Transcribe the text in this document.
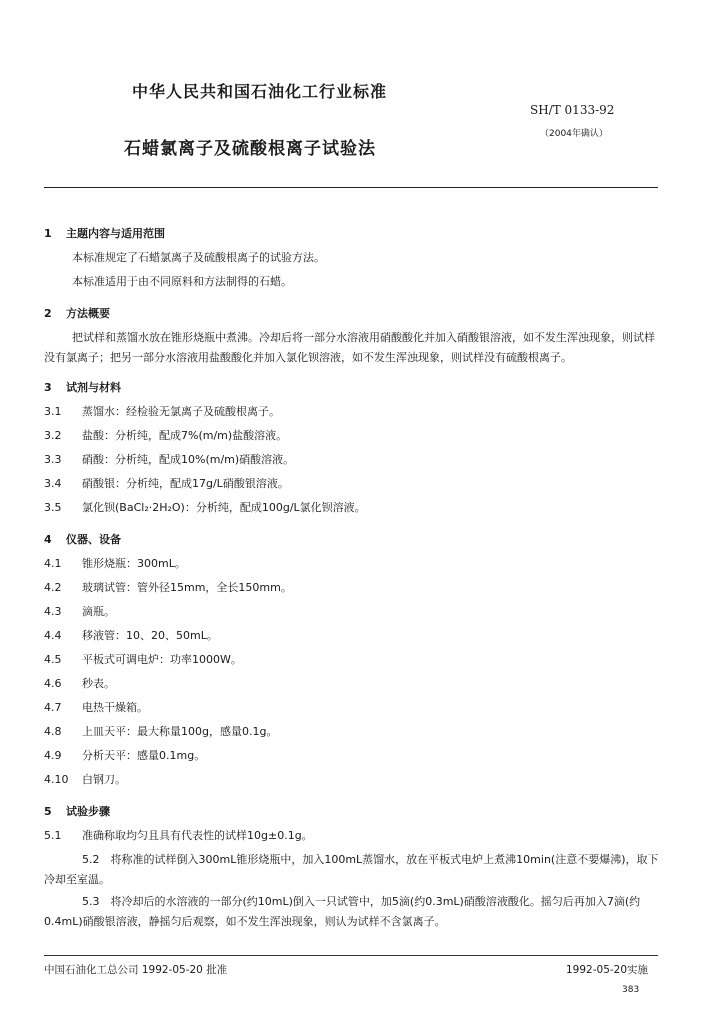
中华人民共和国石油化工行业标准
SH/T 0133-92
（2004年确认）
石蜡氯离子及硫酸根离子试验法
1 主题内容与适用范围
本标准规定了石蜡氯离子及硫酸根离子的试验方法。
本标准适用于由不同原料和方法制得的石蜡。
2 方法概要
把试样和蒸馏水放在锥形烧瓶中煮沸。冷却后将一部分水溶液用硝酸酸化并加入硝酸银溶液，如不发生浑浊现象，则试样没有氯离子；把另一部分水溶液用盐酸酸化并加入氯化钡溶液，如不发生浑浊现象，则试样没有硫酸根离子。
3 试剂与材料
3.1	蒸馏水：经检验无氯离子及硫酸根离子。
3.2	盐酸：分析纯，配成7%(m/m)盐酸溶液。
3.3	硝酸：分析纯，配成10%(m/m)硝酸溶液。
3.4	硝酸银：分析纯，配成17g/L硝酸银溶液。
3.5	氯化钡(BaCl₂·2H₂O)：分析纯，配成100g/L氯化钡溶液。
4 仪器、设备
4.1	锥形烧瓶：300mL。
4.2	玻璃试管：管外径15mm，全长150mm。
4.3	滴瓶。
4.4	移液管：10、20、50mL。
4.5	平板式可调电炉：功率1000W。
4.6	秒表。
4.7	电热干燥箱。
4.8	上皿天平：最大称量100g，感量0.1g。
4.9	分析天平：感量0.1mg。
4.10	白钢刀。
5 试验步骤
5.1	准确称取均匀且具有代表性的试样10g±0.1g。
5.2　 将称准的试样倒入300mL锥形烧瓶中，加入100mL蒸馏水，放在平板式电炉上煮沸10min(注意不要爆沸)，取下冷却至室温。
5.3　 将冷却后的水溶液的一部分(约10mL)倒入一只试管中，加5滴(约0.3mL)硝酸溶液酸化。摇匀后再加入7滴(约0.4mL)硝酸银溶液，静摇匀后观察，如不发生浑浊现象，则认为试样不含氯离子。
中国石油化工总公司 1992-05-20 批准	1992-05-20实施
383
